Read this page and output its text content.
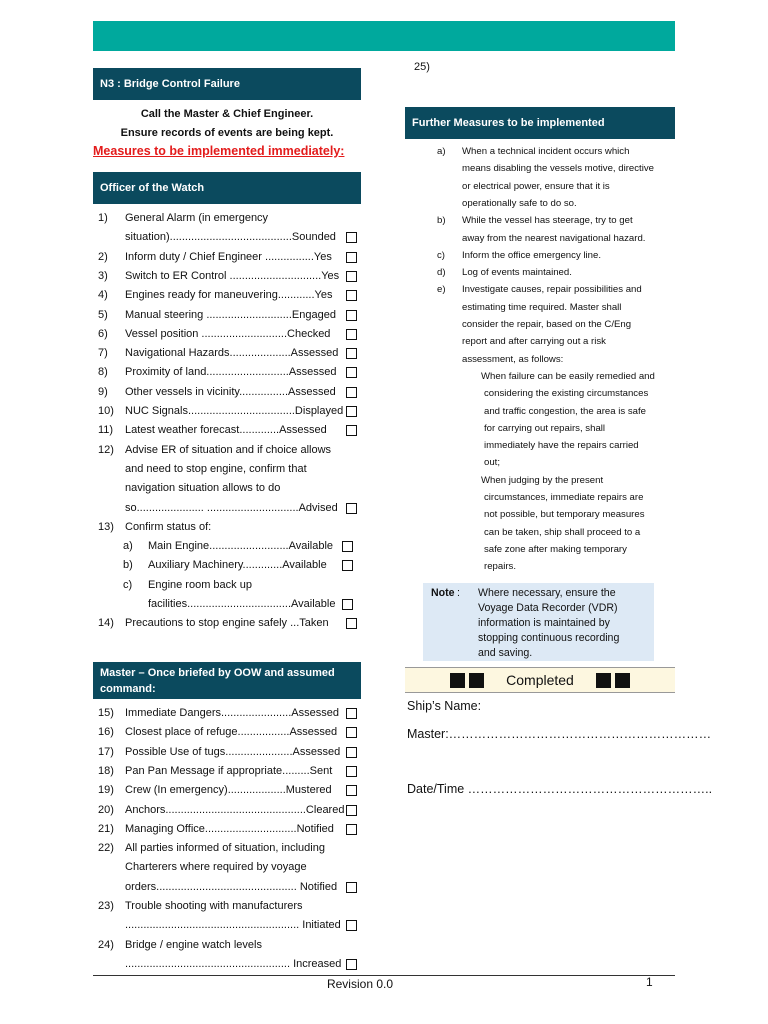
25)
N3 : Bridge Control Failure
Call the Master & Chief Engineer.
Ensure records of events are being kept.
Measures to be implemented immediately:
Officer of the Watch
1) General Alarm (in emergency
situation)........................................Sounded
2) Inform duty / Chief Engineer ................Yes
3) Switch to ER Control ..............................Yes
4) Engines ready for maneuvering............Yes
5) Manual steering ............................Engaged
6) Vessel position ............................Checked
7) Navigational Hazards....................Assessed
8) Proximity of land...........................Assessed
9) Other vessels in vicinity................Assessed
10) NUC Signals...................................Displayed
11) Latest weather forecast.............Assessed
12) Advise ER of situation and if choice allows
and need to stop engine, confirm that
navigation situation allows to do
so...................... ..............................Advised
13) Confirm status of:
a) Main Engine..........................Available
b) Auxiliary Machinery.............Available
c) Engine room back up
facilities..................................Available
14) Precautions to stop engine safely ...Taken
Master – Once briefed by OOW and assumed command:
15) Immediate Dangers.......................Assessed
16) Closest place of refuge.................Assessed
17) Possible Use of tugs......................Assessed
18) Pan Pan Message if appropriate.........Sent
19) Crew (In emergency)...................Mustered
20) Anchors..............................................Cleared
21) Managing Office..............................Notified
22) All parties informed of situation, including
Charterers where required by voyage
orders.............................................. Notified
23) Trouble shooting with manufacturers
......................................................... Initiated
24) Bridge / engine watch levels
...................................................... Increased
Further Measures to be implemented
a) When a technical incident occurs which
means disabling the vessels motive, directive
or electrical power, ensure that it is
operationally safe to do so.
b) While the vessel has steerage, try to get
away from the nearest navigational hazard.
c) Inform the office emergency line.
d) Log of events maintained.
e) Investigate causes, repair possibilities and
estimating time required. Master shall
consider the repair, based on the C/Eng
report and after carrying out a risk
assessment, as follows:
When failure can be easily remedied and
considering the existing circumstances
and traffic congestion, the area is safe
for carrying out repairs, shall
immediately have the repairs carried
out;
When judging by the present
circumstances, immediate repairs are
not possible, but temporary measures
can be taken, ship shall proceed to a
safe zone after making temporary
repairs.
Note : Where necessary, ensure the
Voyage Data Recorder (VDR)
information is maintained by
stopping continuous recording
and saving.
Completed
Ship’s Name:
Master:………………………………………………………
Date/Time …………………………………………………..
Revision 0.0	1
